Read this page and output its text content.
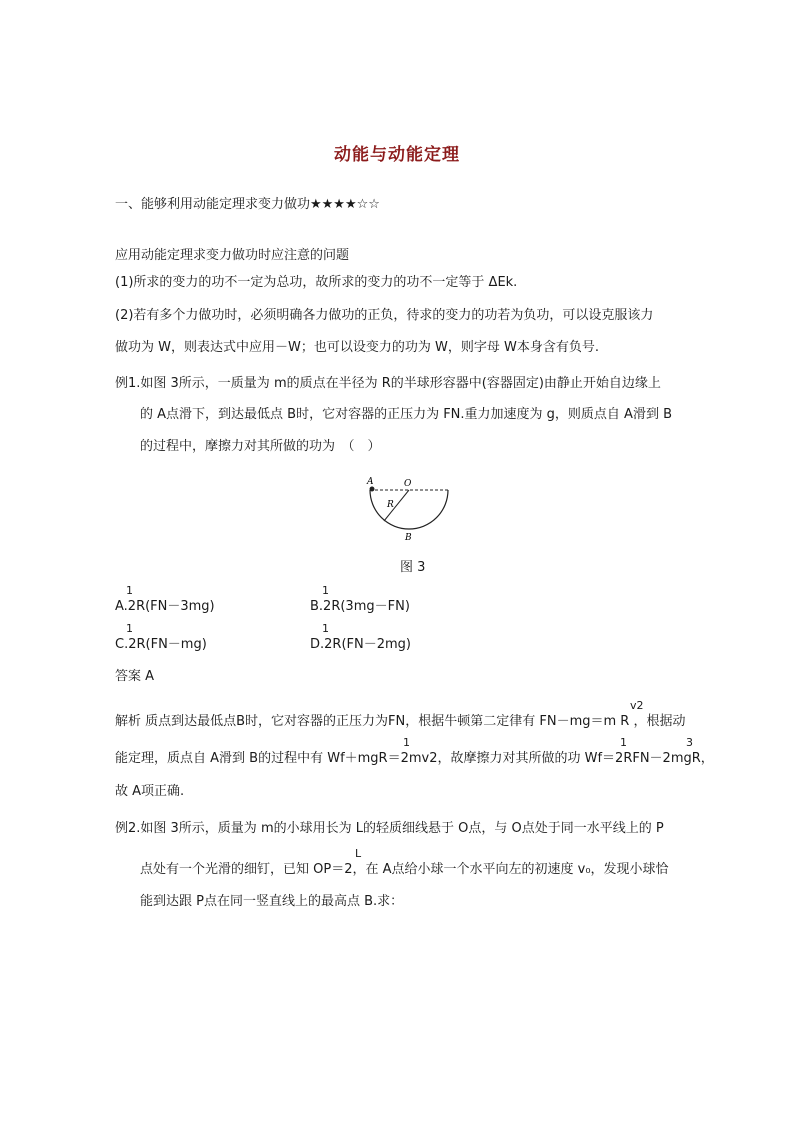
动能与动能定理
一、能够利用动能定理求变力做功★★★★☆☆
应用动能定理求变力做功时应注意的问题
(1)所求的变力的功不一定为总功，故所求的变力的功不一定等于 ΔEk.
(2)若有多个力做功时，必须明确各力做功的正负，待求的变力的功若为负功，可以设克服该力
做功为 W，则表达式中应用－W；也可以设变力的功为 W，则字母 W本身含有负号.
例1.如图 3所示，一质量为 m的质点在半径为 R的半球形容器中(容器固定)由静止开始自边缘上
的 A点滑下，到达最低点 B时，它对容器的正压力为 FN.重力加速度为 g，则质点自 A滑到 B
的过程中，摩擦力对其所做的功为　（　）
A	O
R
B
图 3
1
A.2R(FN－3mg)
1
B.2R(3mg－FN)
1
C.2R(FN－mg)
1
D.2R(FN－2mg)
答案 A
v2
解析 质点到达最低点B时，它对容器的正压力为FN，根据牛顿第二定律有 FN－mg＝m R ，根据动
1	1	3
能定理，质点自 A滑到 B的过程中有 Wf＋mgR＝2mv2，故摩擦力对其所做的功 Wf＝2RFN－2mgR，
故 A项正确.
例2.如图 3所示，质量为 m的小球用长为 L的轻质细线悬于 O点，与 O点处于同一水平线上的 P
L
点处有一个光滑的细钉，已知 OP＝2，在 A点给小球一个水平向左的初速度 v₀，发现小球恰
能到达跟 P点在同一竖直线上的最高点 B.求：
